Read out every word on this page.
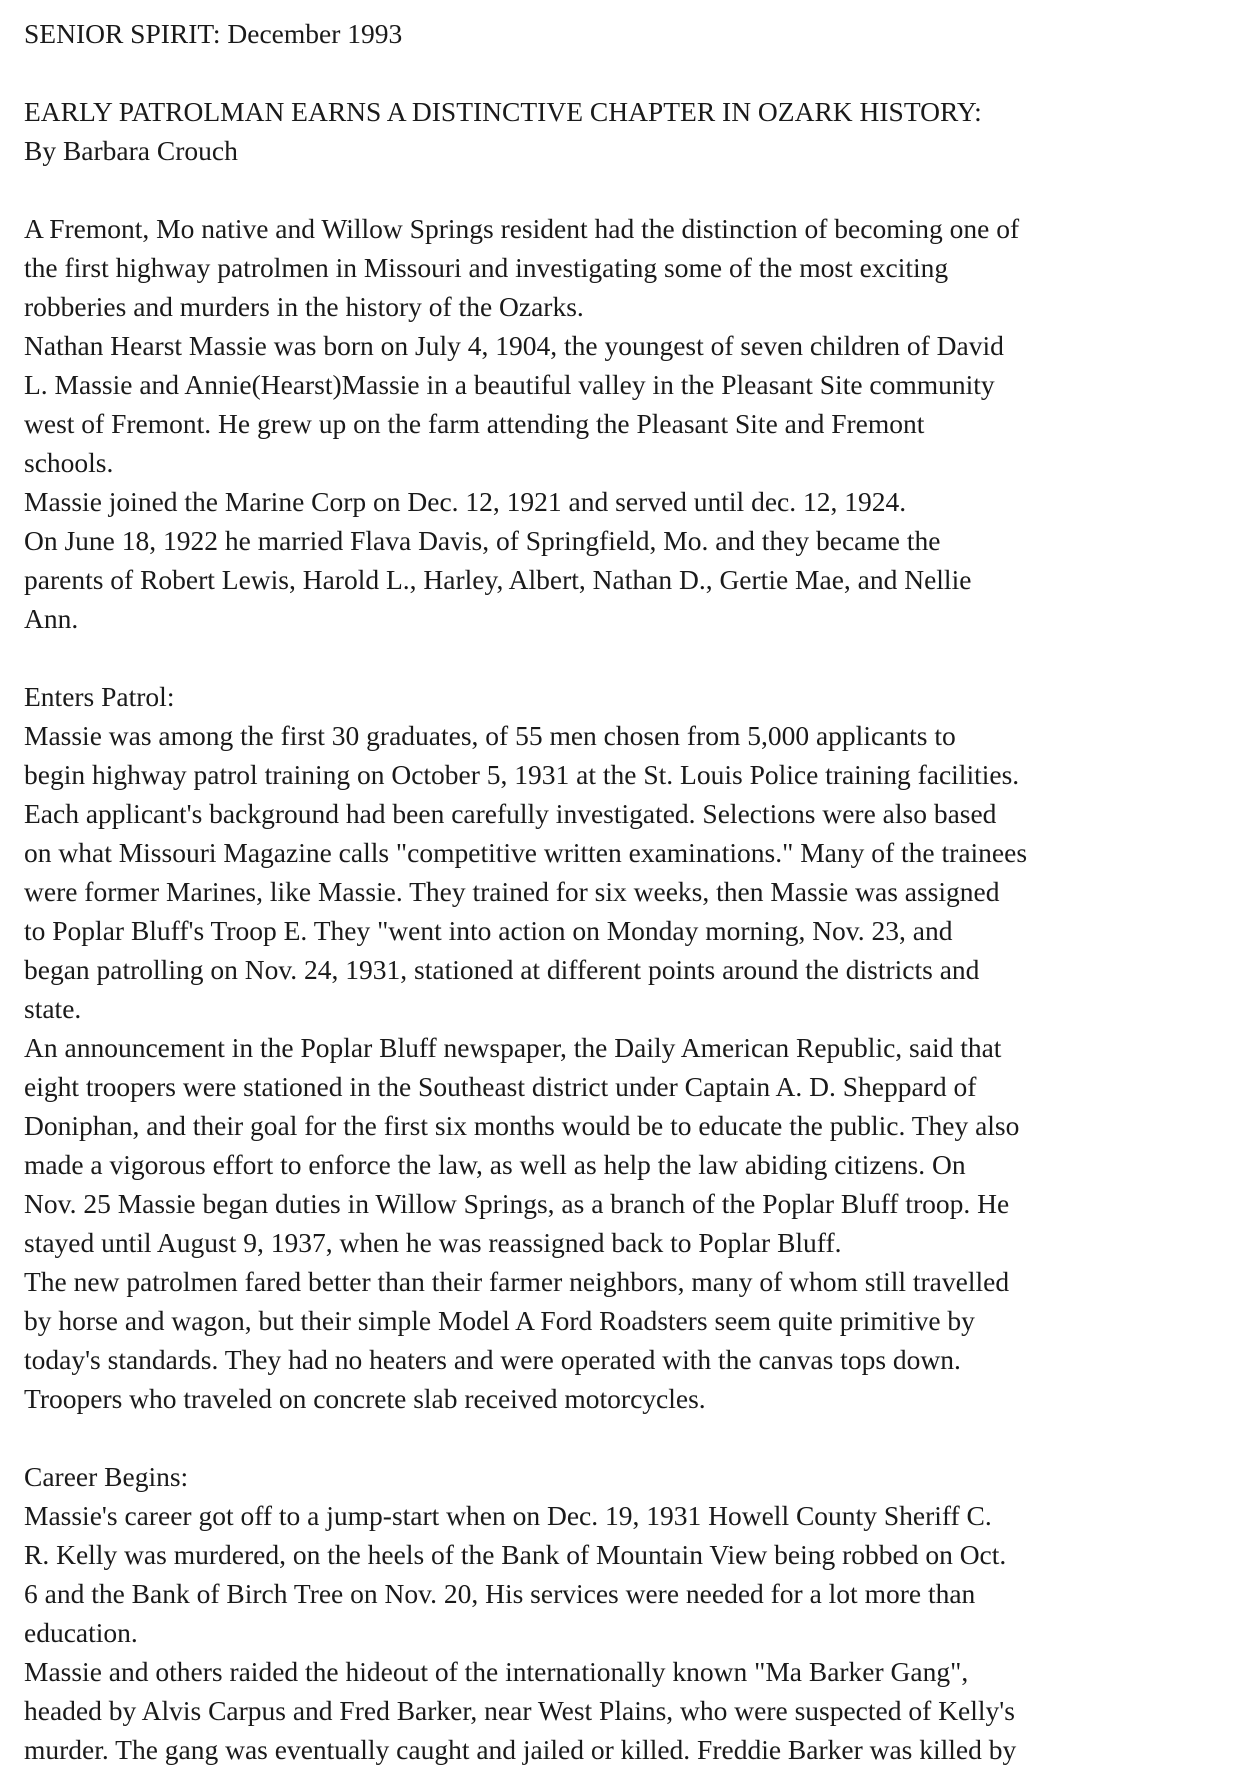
SENIOR SPIRIT: December 1993
EARLY PATROLMAN EARNS A DISTINCTIVE CHAPTER IN OZARK HISTORY:
By Barbara Crouch
A Fremont, Mo native and Willow Springs resident had the distinction of becoming one of
the first highway patrolmen in Missouri and investigating some of the most exciting
robberies and murders in the history of the Ozarks.
Nathan Hearst Massie was born on July 4, 1904, the youngest of seven children of David
L. Massie and Annie(Hearst)Massie in a beautiful valley in the Pleasant Site community
west of Fremont. He grew up on the farm attending the Pleasant Site and Fremont
schools.
Massie joined the Marine Corp on Dec. 12, 1921 and served until dec. 12, 1924.
On June 18, 1922 he married Flava Davis, of Springfield, Mo. and they became the
parents of Robert Lewis, Harold L., Harley, Albert, Nathan D., Gertie Mae, and Nellie
Ann.
Enters Patrol:
Massie was among the first 30 graduates, of 55 men chosen from 5,000 applicants to
begin highway patrol training on October 5, 1931 at the St. Louis Police training facilities.
Each applicant's background had been carefully investigated. Selections were also based
on what Missouri Magazine calls "competitive written examinations." Many of the trainees
were former Marines, like Massie. They trained for six weeks, then Massie was assigned
to Poplar Bluff's Troop E. They "went into action on Monday morning, Nov. 23, and
began patrolling on Nov. 24, 1931, stationed at different points around the districts and
state.
An announcement in the Poplar Bluff newspaper, the Daily American Republic, said that
eight troopers were stationed in the Southeast district under Captain A. D. Sheppard of
Doniphan, and their goal for the first six months would be to educate the public. They also
made a vigorous effort to enforce the law, as well as help the law abiding citizens. On
Nov. 25 Massie began duties in Willow Springs, as a branch of the Poplar Bluff troop. He
stayed until August 9, 1937, when he was reassigned back to Poplar Bluff.
The new patrolmen fared better than their farmer neighbors, many of whom still travelled
by horse and wagon, but their simple Model A Ford Roadsters seem quite primitive by
today's standards. They had no heaters and were operated with the canvas tops down.
Troopers who traveled on concrete slab received motorcycles.
Career Begins:
Massie's career got off to a jump-start when on Dec. 19, 1931 Howell County Sheriff C.
R. Kelly was murdered, on the heels of the Bank of Mountain View being robbed on Oct.
6 and the Bank of Birch Tree on Nov. 20, His services were needed for a lot more than
education.
Massie and others raided the hideout of the internationally known "Ma Barker Gang",
headed by Alvis Carpus and Fred Barker, near West Plains, who were suspected of Kelly's
murder. The gang was eventually caught and jailed or killed. Freddie Barker was killed by
